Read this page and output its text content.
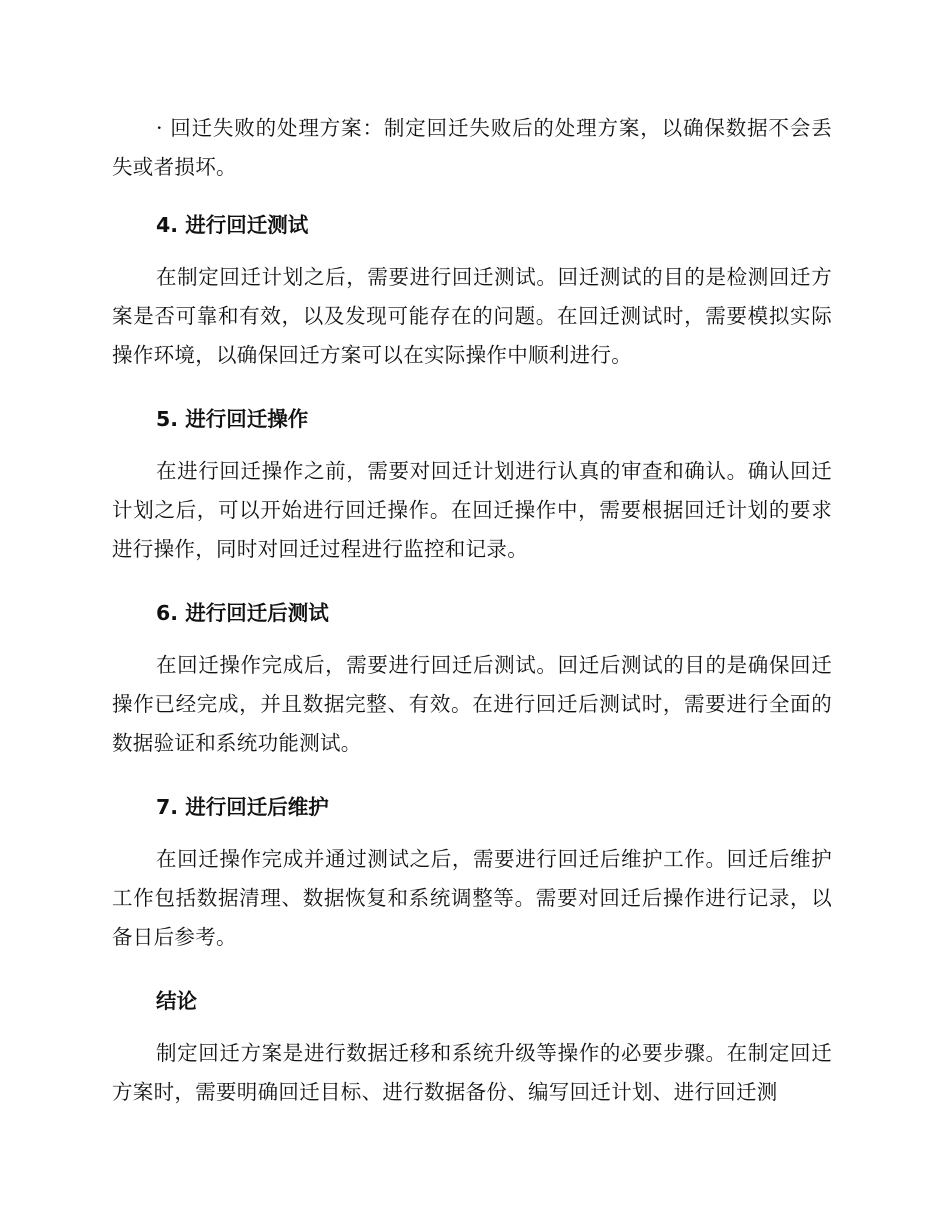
· 回迁失败的处理方案：制定回迁失败后的处理方案，以确保数据不会丢失或者损坏。

4. 进行回迁测试

在制定回迁计划之后，需要进行回迁测试。回迁测试的目的是检测回迁方案是否可靠和有效，以及发现可能存在的问题。在回迁测试时，需要模拟实际操作环境，以确保回迁方案可以在实际操作中顺利进行。

5. 进行回迁操作

在进行回迁操作之前，需要对回迁计划进行认真的审查和确认。确认回迁计划之后，可以开始进行回迁操作。在回迁操作中，需要根据回迁计划的要求进行操作，同时对回迁过程进行监控和记录。

6. 进行回迁后测试

在回迁操作完成后，需要进行回迁后测试。回迁后测试的目的是确保回迁操作已经完成，并且数据完整、有效。在进行回迁后测试时，需要进行全面的数据验证和系统功能测试。

7. 进行回迁后维护

在回迁操作完成并通过测试之后，需要进行回迁后维护工作。回迁后维护工作包括数据清理、数据恢复和系统调整等。需要对回迁后操作进行记录，以备日后参考。

结论

制定回迁方案是进行数据迁移和系统升级等操作的必要步骤。在制定回迁方案时，需要明确回迁目标、进行数据备份、编写回迁计划、进行回迁测
